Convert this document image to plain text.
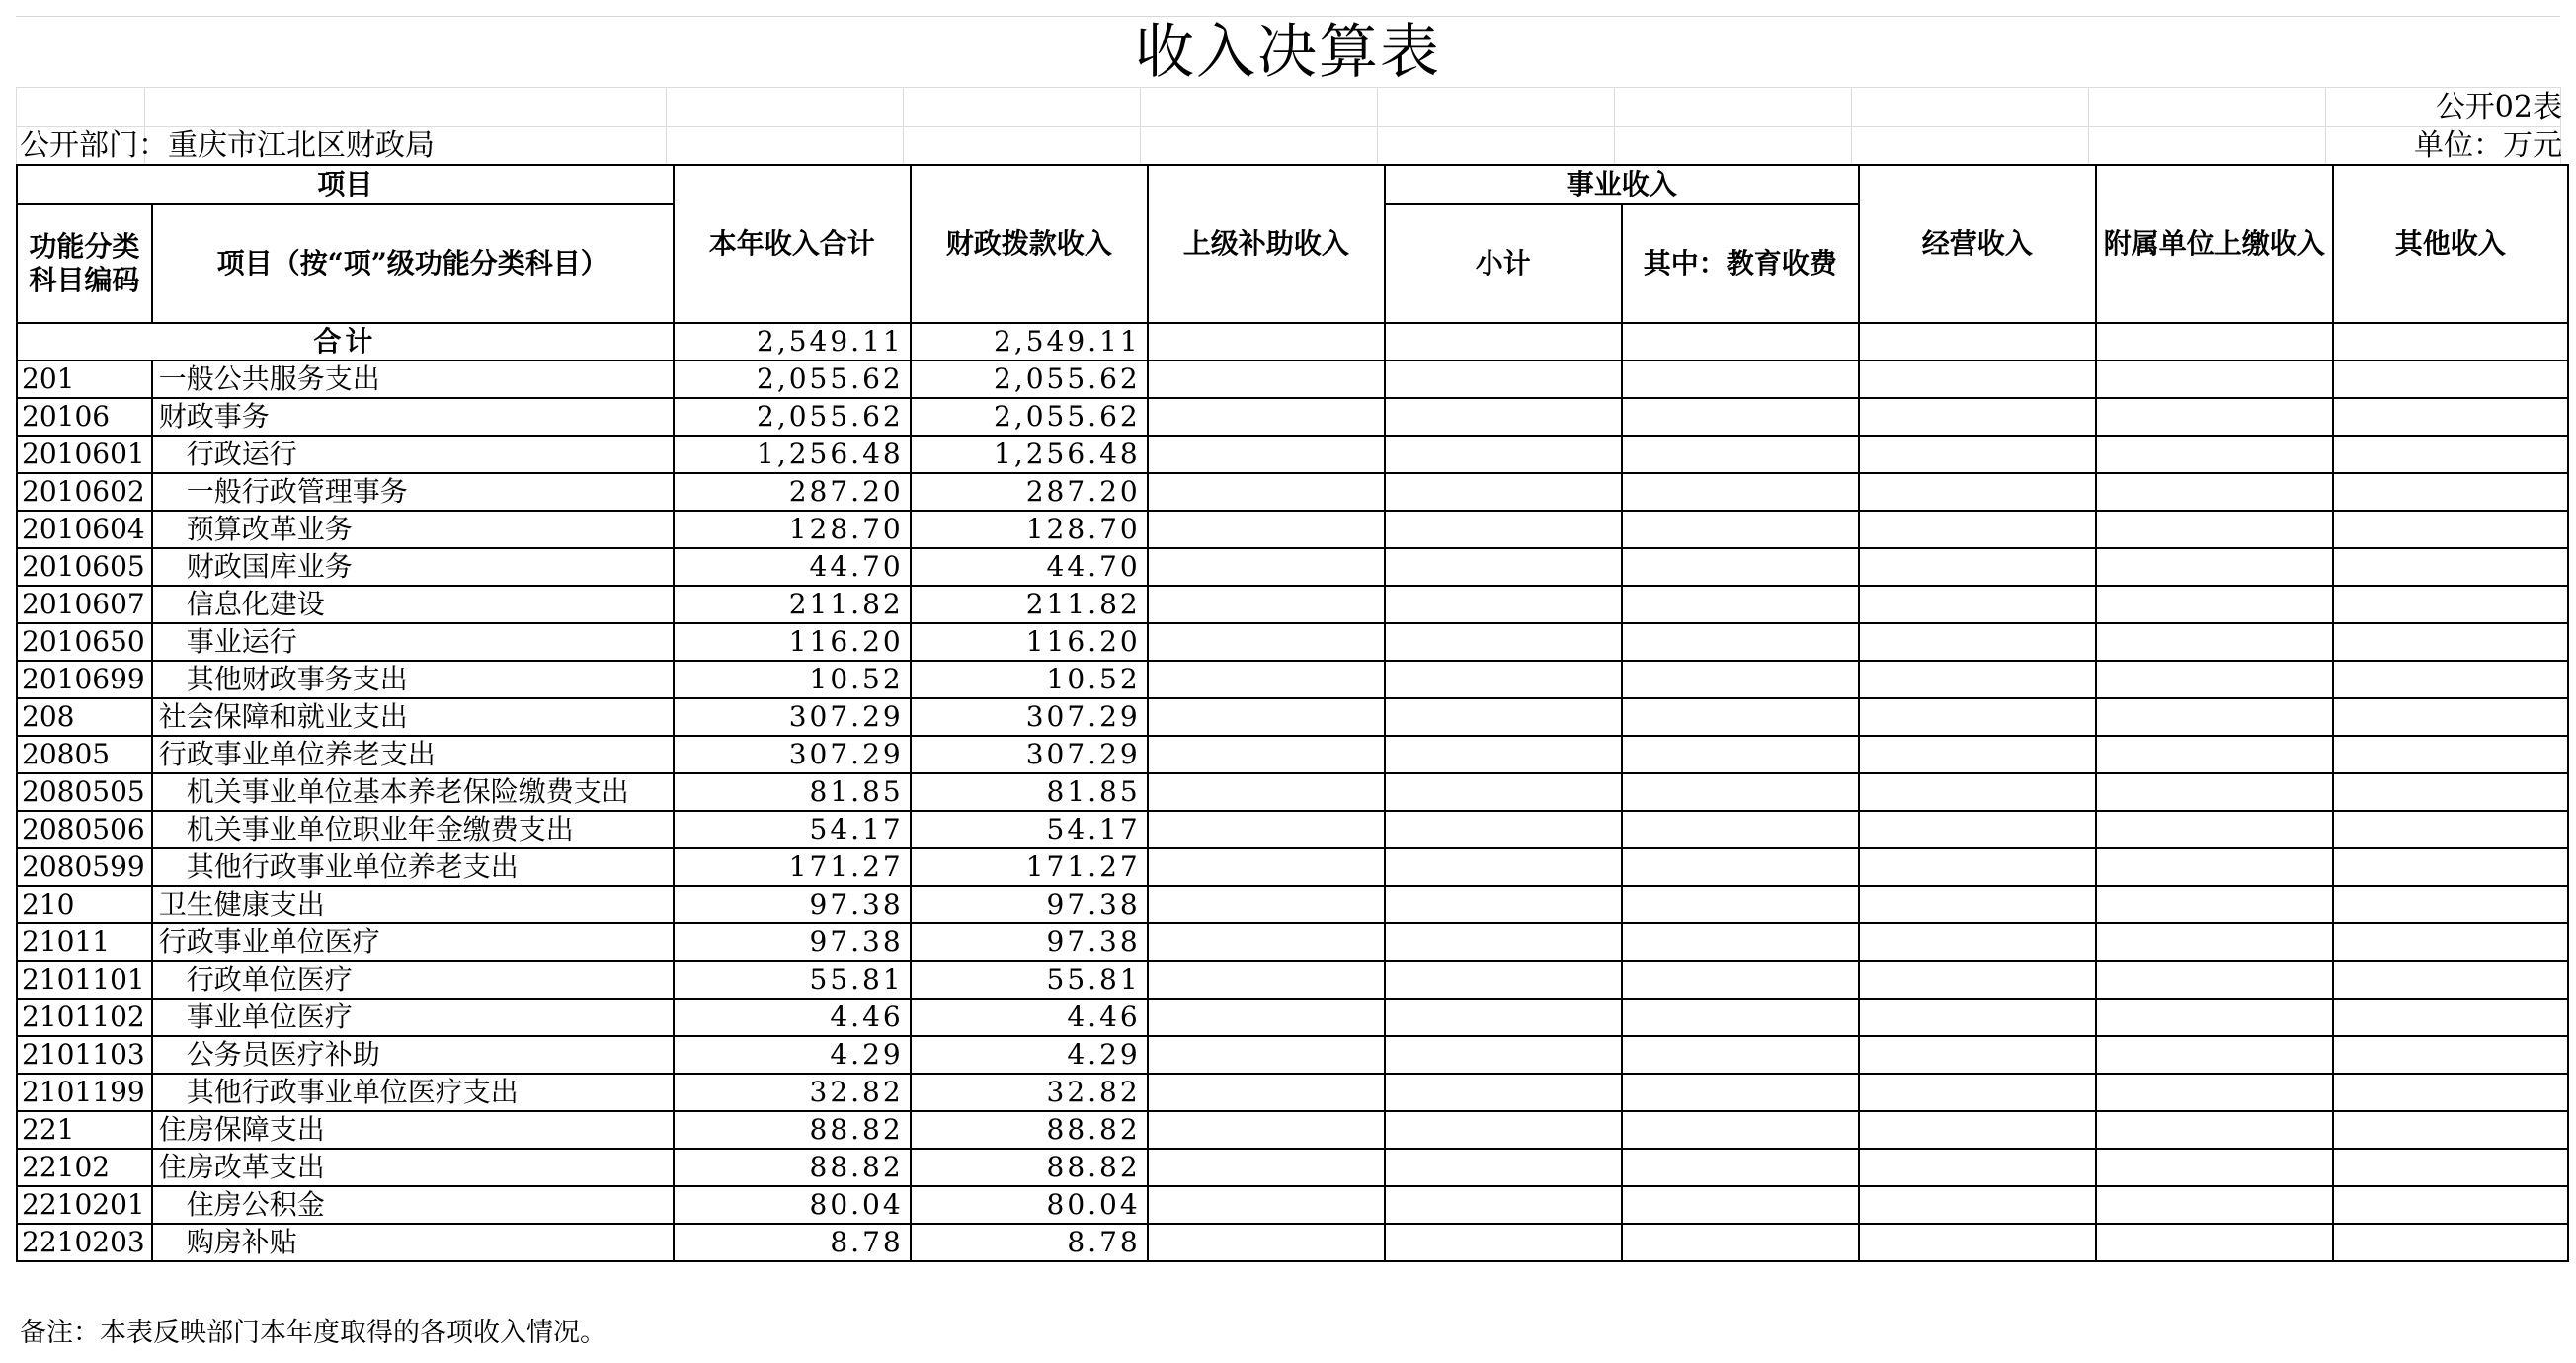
收入决算表
公开02表
公开部门：重庆市江北区财政局	单位：万元
项目		本年收入合计	财政拨款收入	上级补助收入	事业收入		经营收入	附属单位上缴收入	其他收入
功能分类科目编码	项目（按“项”级功能分类科目）				小计	其中：教育收费			

合计		2,549.11	2,549.11						
201	一般公共服务支出	2,055.62	2,055.62						
20106	财政事务	2,055.62	2,055.62						
2010601	行政运行	1,256.48	1,256.48						
2010602	一般行政管理事务	287.20	287.20						
2010604	预算改革业务	128.70	128.70						
2010605	财政国库业务	44.70	44.70						
2010607	信息化建设	211.82	211.82						
2010650	事业运行	116.20	116.20						
2010699	其他财政事务支出	10.52	10.52						
208	社会保障和就业支出	307.29	307.29						
20805	行政事业单位养老支出	307.29	307.29						
2080505	机关事业单位基本养老保险缴费支出	81.85	81.85						
2080506	机关事业单位职业年金缴费支出	54.17	54.17						
2080599	其他行政事业单位养老支出	171.27	171.27						
210	卫生健康支出	97.38	97.38						
21011	行政事业单位医疗	97.38	97.38						
2101101	行政单位医疗	55.81	55.81						
2101102	事业单位医疗	4.46	4.46						
2101103	公务员医疗补助	4.29	4.29						
2101199	其他行政事业单位医疗支出	32.82	32.82						
221	住房保障支出	88.82	88.82						
22102	住房改革支出	88.82	88.82						
2210201	住房公积金	80.04	80.04						
2210203	购房补贴	8.78	8.78						
备注：本表反映部门本年度取得的各项收入情况。
